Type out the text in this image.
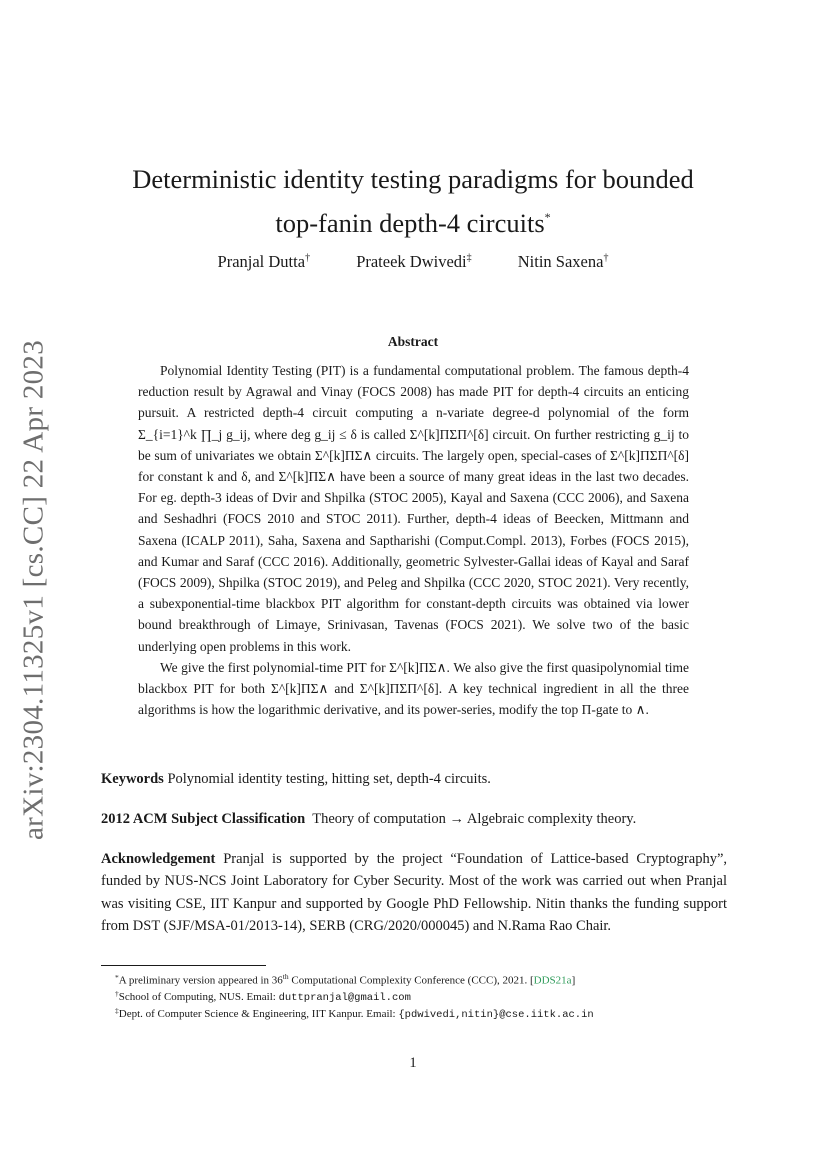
arXiv:2304.11325v1 [cs.CC] 22 Apr 2023
Deterministic identity testing paradigms for bounded
top-fanin depth-4 circuits*
Pranjal Dutta†	Prateek Dwivedi‡	Nitin Saxena†
Abstract

Polynomial Identity Testing (PIT) is a fundamental computational problem. The famous depth-4 reduction result by Agrawal and Vinay (FOCS 2008) has made PIT for depth-4 circuits an enticing pursuit. A restricted depth-4 circuit computing a n-variate degree-d polynomial of the form Σ_{i=1}^k ∏_j g_ij, where deg g_ij ≤ δ is called Σ^[k]ΠΣΠ^[δ] circuit. On further restricting g_ij to be sum of univariates we obtain Σ^[k]ΠΣ∧ circuits. The largely open, special-cases of Σ^[k]ΠΣΠ^[δ] for constant k and δ, and Σ^[k]ΠΣ∧ have been a source of many great ideas in the last two decades. For eg. depth-3 ideas of Dvir and Shpilka (STOC 2005), Kayal and Saxena (CCC 2006), and Saxena and Seshadhri (FOCS 2010 and STOC 2011). Further, depth-4 ideas of Beecken, Mittmann and Saxena (ICALP 2011), Saha, Saxena and Saptharishi (Comput.Compl. 2013), Forbes (FOCS 2015), and Kumar and Saraf (CCC 2016). Additionally, geometric Sylvester-Gallai ideas of Kayal and Saraf (FOCS 2009), Shpilka (STOC 2019), and Peleg and Shpilka (CCC 2020, STOC 2021). Very recently, a subexponential-time blackbox PIT algorithm for constant-depth circuits was obtained via lower bound breakthrough of Limaye, Srinivasan, Tavenas (FOCS 2021). We solve two of the basic underlying open problems in this work.

We give the first polynomial-time PIT for Σ^[k]ΠΣ∧. We also give the first quasipolynomial time blackbox PIT for both Σ^[k]ΠΣ∧ and Σ^[k]ΠΣΠ^[δ]. A key technical ingredient in all the three algorithms is how the logarithmic derivative, and its power-series, modify the top Π-gate to ∧.

Keywords Polynomial identity testing, hitting set, depth-4 circuits.
2012 ACM Subject Classification Theory of computation → Algebraic complexity theory.
Acknowledgement Pranjal is supported by the project “Foundation of Lattice-based Cryptography”, funded by NUS-NCS Joint Laboratory for Cyber Security. Most of the work was carried out when Pranjal was visiting CSE, IIT Kanpur and supported by Google PhD Fellowship. Nitin thanks the funding support from DST (SJF/MSA-01/2013-14), SERB (CRG/2020/000045) and N.Rama Rao Chair.
*A preliminary version appeared in 36th Computational Complexity Conference (CCC), 2021. [DDS21a]
†School of Computing, NUS. Email: duttpranjal@gmail.com
‡Dept. of Computer Science & Engineering, IIT Kanpur. Email: {pdwivedi,nitin}@cse.iitk.ac.in
1
